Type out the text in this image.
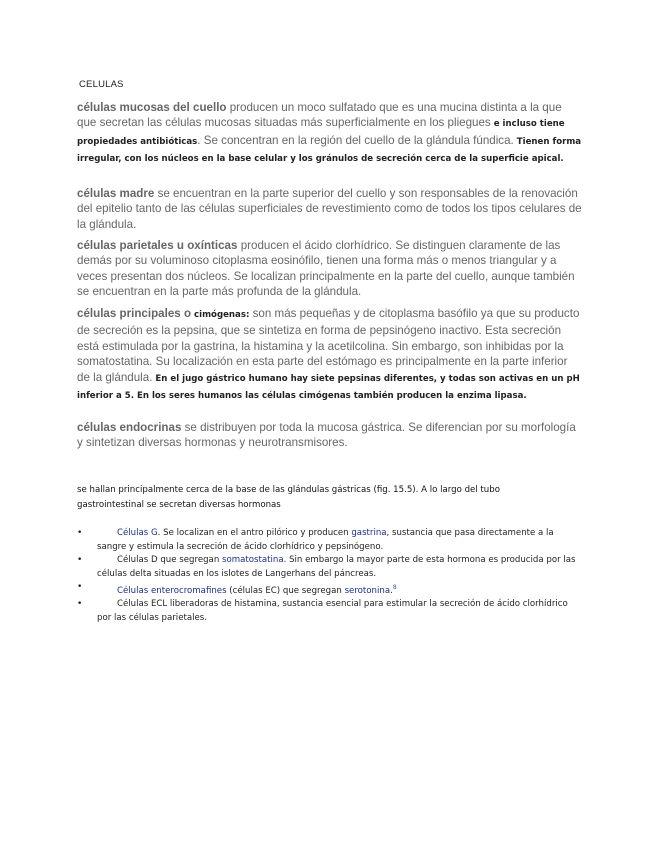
CELULAS
células mucosas del cuello producen un moco sulfatado que es una mucina distinta a la que que secretan las células mucosas situadas más superficialmente en los pliegues e incluso tiene propiedades antibióticas. Se concentran en la región del cuello de la glándula fúndica. Tienen forma irregular, con los núcleos en la base celular y los gránulos de secreción cerca de la superficie apical.
células madre se encuentran en la parte superior del cuello y son responsables de la renovación del epitelio tanto de las células superficiales de revestimiento como de todos los tipos celulares de la glándula.
células parietales u oxínticas producen el ácido clorhídrico. Se distinguen claramente de las demás por su voluminoso citoplasma eosinófilo, tienen una forma más o menos triangular y a veces presentan dos núcleos. Se localizan principalmente en la parte del cuello, aunque también se encuentran en la parte más profunda de la glándula.
células principales o cimógenas: son más pequeñas y de citoplasma basófilo ya que su producto de secreción es la pepsina, que se sintetiza en forma de pepsinógeno inactivo. Esta secreción está estimulada por la gastrina, la histamina y la acetilcolina. Sin embargo, son inhibidas por la somatostatina. Su localización en esta parte del estómago es principalmente en la parte inferior de la glándula. En el jugo gástrico humano hay siete pepsinas diferentes, y todas son activas en un pH inferior a 5. En los seres humanos las células cimógenas también producen la enzima lipasa.
células endocrinas se distribuyen por toda la mucosa gástrica. Se diferencian por su morfología y sintetizan diversas hormonas y neurotransmisores.
se hallan principalmente cerca de la base de las glándulas gástricas (fig. 15.5). A lo largo del tubo gastrointestinal se secretan diversas hormonas
•	Células G. Se localizan en el antro pilórico y producen gastrina, sustancia que pasa directamente a la sangre y estimula la secreción de ácido clorhídrico y pepsinógeno.
•	Células D que segregan somatostatina. Sin embargo la mayor parte de esta hormona es producida por las células delta situadas en los islotes de Langerhans del páncreas.
•	Células enterocromafines (células EC) que segregan serotonina.$^8$
•	Células ECL liberadoras de histamina, sustancia esencial para estimular la secreción de ácido clorhídrico por las células parietales.
